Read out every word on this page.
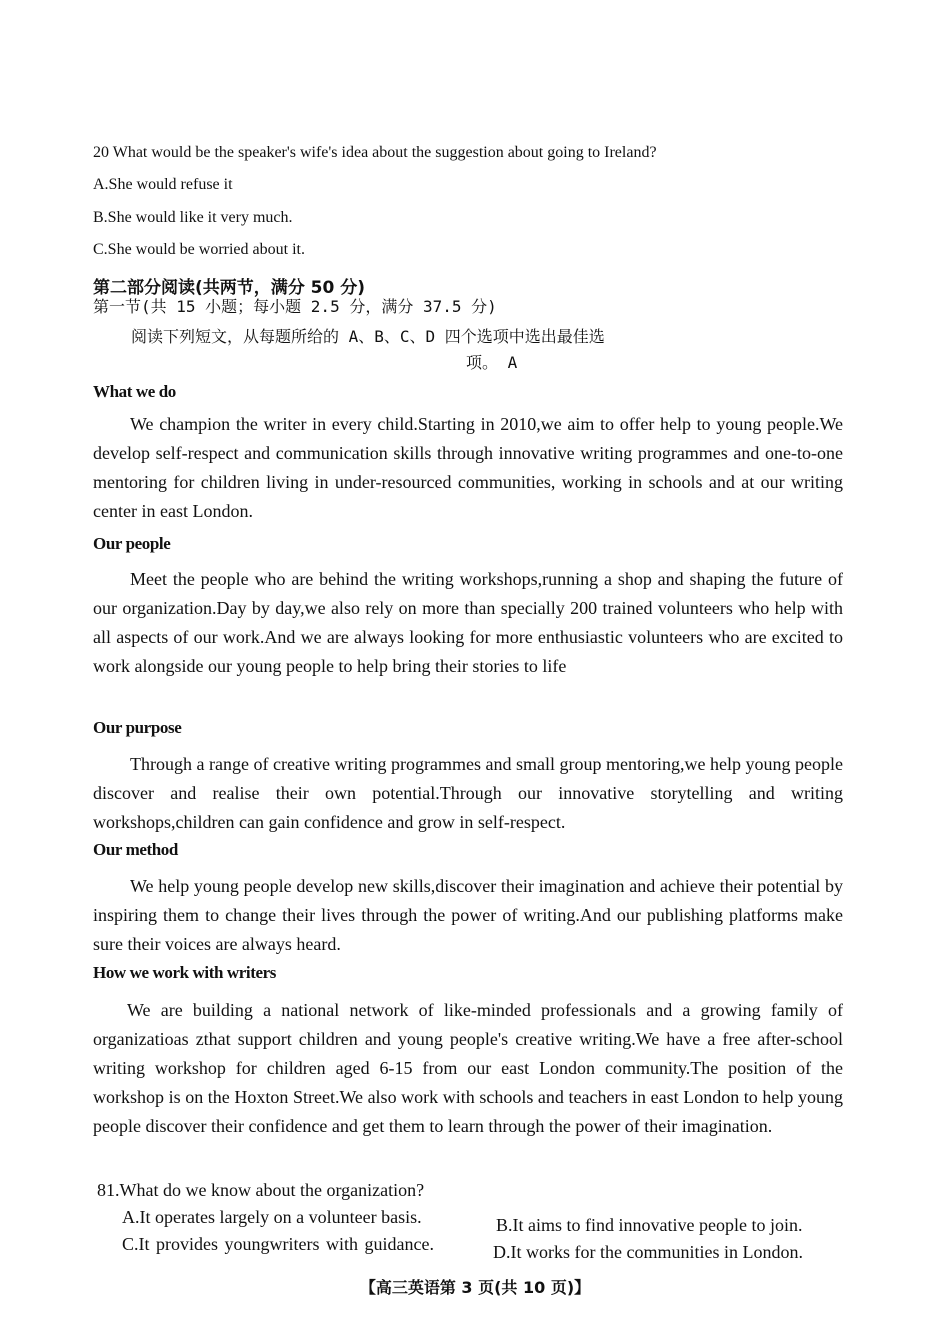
20 What would be the speaker's wife's idea about the suggestion about going to Ireland?
A.She would refuse it
B.She would like it very much.
C.She would be worried about it.
第二部分阅读(共两节，满分 50 分)
第一节(共 15 小题；每小题 2.5 分，满分 37.5 分)
阅读下列短文，从每题所给的 A、B、C、D 四个选项中选出最佳选
项。 A
What we do
We champion the writer in every child.Starting in 2010,we aim to offer help to young people.We develop self-respect and communication skills through innovative writing programmes and one-to-one mentoring for children living in under-resourced communities, working in schools and at our writing center in east London.
Our people
Meet the people who are behind the writing workshops,running a shop and shaping the future of our organization.Day by day,we also rely on more than specially 200 trained volunteers who help with all aspects of our work.And we are always looking for more enthusiastic volunteers who are excited to work alongside our young people to help bring their stories to life
Our purpose
Through a range of creative writing programmes and small group mentoring,we help young people discover and realise their own potential.Through our innovative storytelling and writing workshops,children can gain confidence and grow in self-respect.
Our method
We help young people develop new skills,discover their imagination and achieve their potential by inspiring them to change their lives through the power of writing.And our publishing platforms make sure their voices are always heard.
How we work with writers
We are building a national network of like-minded professionals and a growing family of organizatioas zthat support children and young people's creative writing.We have a free after-school writing workshop for children aged 6-15 from our east London community.The position of the workshop is on the Hoxton Street.We also work with schools and teachers in east London to help young people discover their confidence and get them to learn through the power of their imagination.
81.What do we know about the organization?
A.It operates largely on a volunteer basis.
C.It provides youngwriters with guidance.
B.It aims to find innovative people to join.
D.It works for the communities in London.
【高三英语第 3 页(共 10 页)】
